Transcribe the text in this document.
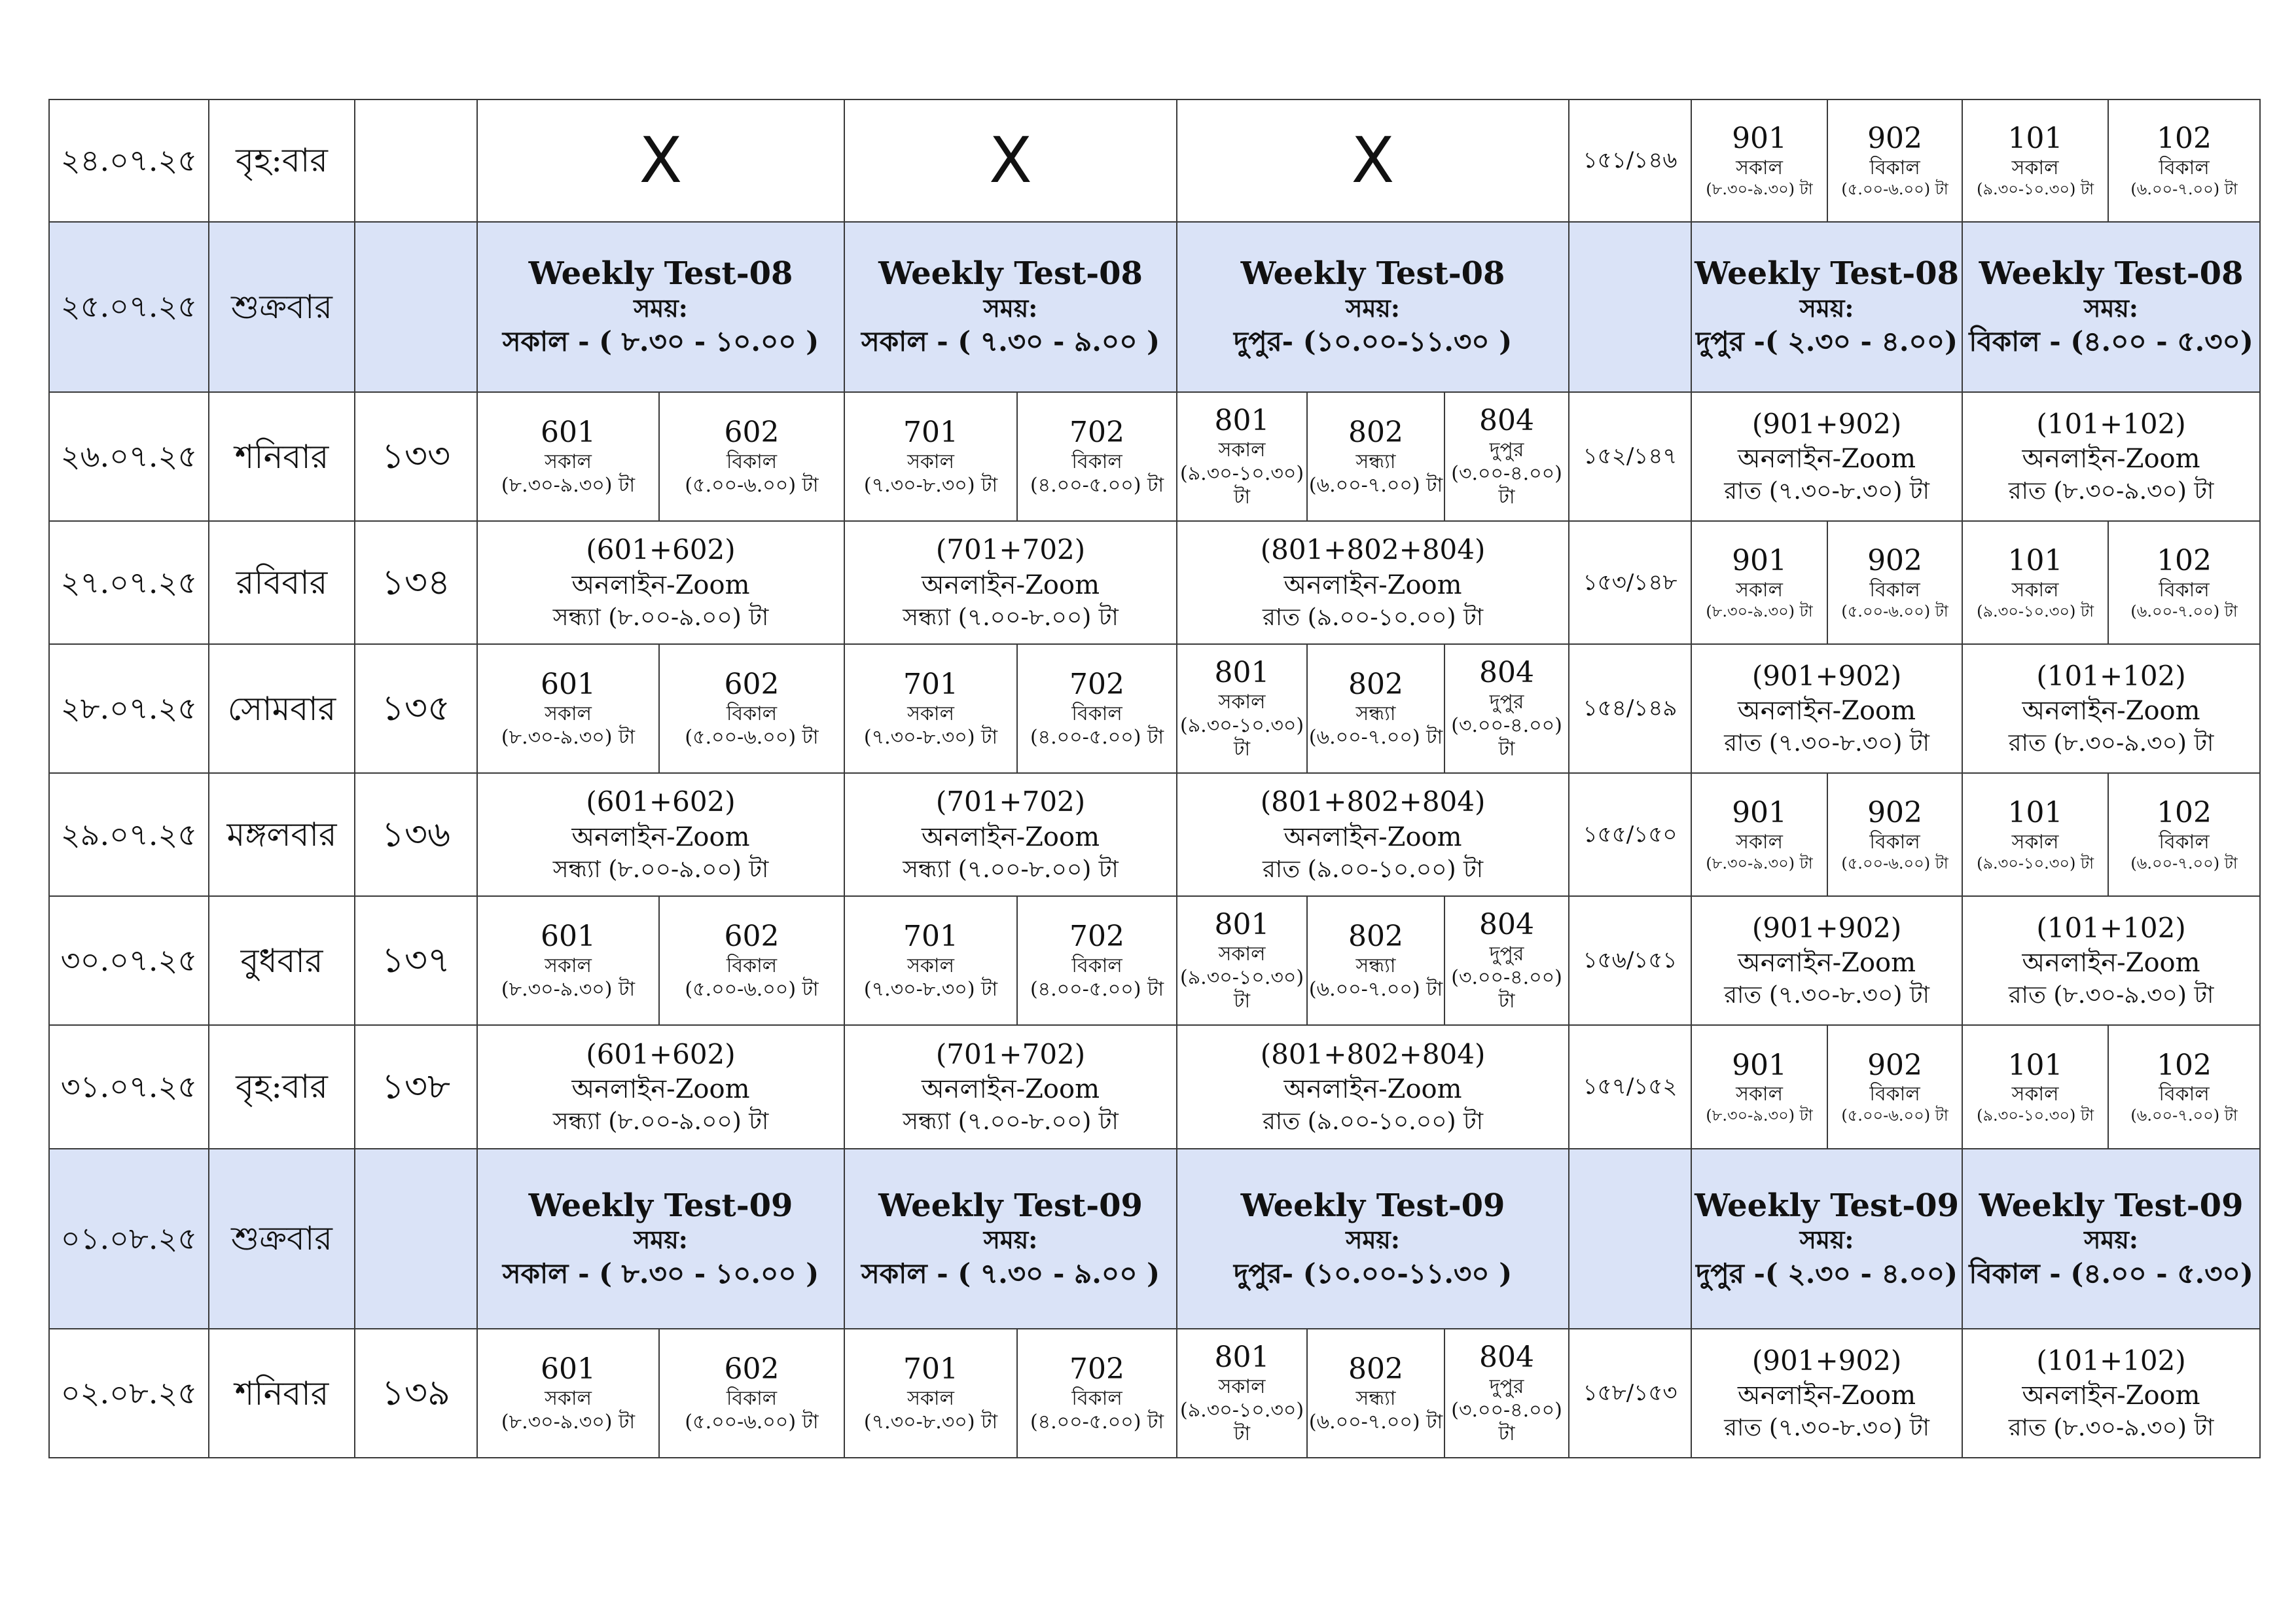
২৪.০৭.২৫	বৃহ:বার		X		X		X			১৫১/১৪৬	901
সকাল
(৮.৩০-৯.৩০) টা	902
বিকাল
(৫.০০-৬.০০) টা	101
সকাল
(৯.৩০-১০.৩০) টা	102
বিকাল
(৬.০০-৭.০০) টা

২৫.০৭.২৫	শুক্রবার		Weekly Test-08
সময়:
সকাল - ( ৮.৩০ - ১০.০০ )		Weekly Test-08
সময়:
সকাল - ( ৭.৩০ - ৯.০০ )		Weekly Test-08
সময়:
দুপুর- (১০.০০-১১.৩০ )				Weekly Test-08
সময়:
দুপুর -( ২.৩০ - ৪.০০)		Weekly Test-08
সময়:
বিকাল - (৪.০০ - ৫.৩০)	

২৬.০৭.২৫	শনিবার	১৩৩	601
সকাল
(৮.৩০-৯.৩০) টা	602
বিকাল
(৫.০০-৬.০০) টা	701
সকাল
(৭.৩০-৮.৩০) টা	702
বিকাল
(৪.০০-৫.০০) টা	801
সকাল
(৯.৩০-১০.৩০) টা	802
সন্ধ্যা
(৬.০০-৭.০০) টা	804
দুপুর
(৩.০০-৪.০০) টা	১৫২/১৪৭	(901+902)
অনলাইন-Zoom
রাত (৭.৩০-৮.৩০) টা		(101+102)
অনলাইন-Zoom
রাত (৮.৩০-৯.৩০) টা	

২৭.০৭.২৫	রবিবার	১৩৪	(601+602)
অনলাইন-Zoom
সন্ধ্যা (৮.০০-৯.০০) টা		(701+702)
অনলাইন-Zoom
সন্ধ্যা (৭.০০-৮.০০) টা		(801+802+804)
অনলাইন-Zoom
রাত (৯.০০-১০.০০) টা			১৫৩/১৪৮	901
সকাল
(৮.৩০-৯.৩০) টা	902
বিকাল
(৫.০০-৬.০০) টা	101
সকাল
(৯.৩০-১০.৩০) টা	102
বিকাল
(৬.০০-৭.০০) টা

২৮.০৭.২৫	সোমবার	১৩৫	601
সকাল
(৮.৩০-৯.৩০) টা	602
বিকাল
(৫.০০-৬.০০) টা	701
সকাল
(৭.৩০-৮.৩০) টা	702
বিকাল
(৪.০০-৫.০০) টা	801
সকাল
(৯.৩০-১০.৩০) টা	802
সন্ধ্যা
(৬.০০-৭.০০) টা	804
দুপুর
(৩.০০-৪.০০) টা	১৫৪/১৪৯	(901+902)
অনলাইন-Zoom
রাত (৭.৩০-৮.৩০) টা		(101+102)
অনলাইন-Zoom
রাত (৮.৩০-৯.৩০) টা	

২৯.০৭.২৫	মঙ্গলবার	১৩৬	(601+602)
অনলাইন-Zoom
সন্ধ্যা (৮.০০-৯.০০) টা		(701+702)
অনলাইন-Zoom
সন্ধ্যা (৭.০০-৮.০০) টা		(801+802+804)
অনলাইন-Zoom
রাত (৯.০০-১০.০০) টা			১৫৫/১৫০	901
সকাল
(৮.৩০-৯.৩০) টা	902
বিকাল
(৫.০০-৬.০০) টা	101
সকাল
(৯.৩০-১০.৩০) টা	102
বিকাল
(৬.০০-৭.০০) টা

৩০.০৭.২৫	বুধবার	১৩৭	601
সকাল
(৮.৩০-৯.৩০) টা	602
বিকাল
(৫.০০-৬.০০) টা	701
সকাল
(৭.৩০-৮.৩০) টা	702
বিকাল
(৪.০০-৫.০০) টা	801
সকাল
(৯.৩০-১০.৩০) টা	802
সন্ধ্যা
(৬.০০-৭.০০) টা	804
দুপুর
(৩.০০-৪.০০) টা	১৫৬/১৫১	(901+902)
অনলাইন-Zoom
রাত (৭.৩০-৮.৩০) টা		(101+102)
অনলাইন-Zoom
রাত (৮.৩০-৯.৩০) টা	

৩১.০৭.২৫	বৃহ:বার	১৩৮	(601+602)
অনলাইন-Zoom
সন্ধ্যা (৮.০০-৯.০০) টা		(701+702)
অনলাইন-Zoom
সন্ধ্যা (৭.০০-৮.০০) টা		(801+802+804)
অনলাইন-Zoom
রাত (৯.০০-১০.০০) টা			১৫৭/১৫২	901
সকাল
(৮.৩০-৯.৩০) টা	902
বিকাল
(৫.০০-৬.০০) টা	101
সকাল
(৯.৩০-১০.৩০) টা	102
বিকাল
(৬.০০-৭.০০) টা

০১.০৮.২৫	শুক্রবার		Weekly Test-09
সময়:
সকাল - ( ৮.৩০ - ১০.০০ )		Weekly Test-09
সময়:
সকাল - ( ৭.৩০ - ৯.০০ )		Weekly Test-09
সময়:
দুপুর- (১০.০০-১১.৩০ )				Weekly Test-09
সময়:
দুপুর -( ২.৩০ - ৪.০০)		Weekly Test-09
সময়:
বিকাল - (৪.০০ - ৫.৩০)	

০২.০৮.২৫	শনিবার	১৩৯	601
সকাল
(৮.৩০-৯.৩০) টা	602
বিকাল
(৫.০০-৬.০০) টা	701
সকাল
(৭.৩০-৮.৩০) টা	702
বিকাল
(৪.০০-৫.০০) টা	801
সকাল
(৯.৩০-১০.৩০) টা	802
সন্ধ্যা
(৬.০০-৭.০০) টা	804
দুপুর
(৩.০০-৪.০০) টা	১৫৮/১৫৩	(901+902)
অনলাইন-Zoom
রাত (৭.৩০-৮.৩০) টা		(101+102)
অনলাইন-Zoom
রাত (৮.৩০-৯.৩০) টা	
